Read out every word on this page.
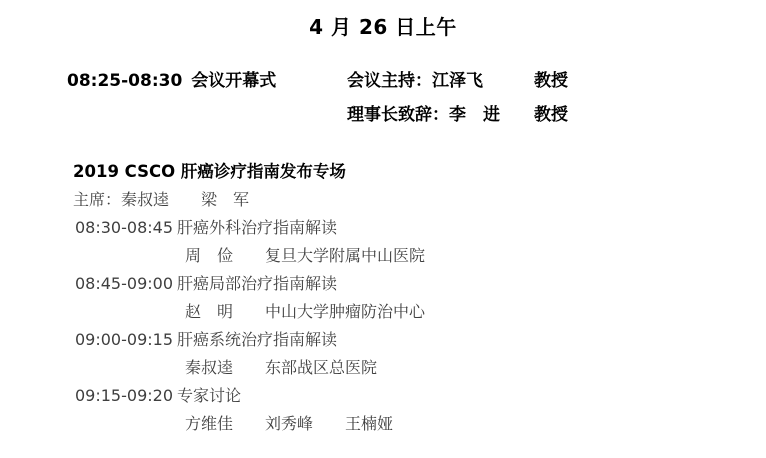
4 月 26 日上午
08:25-08:30 会议开幕式	会议主持：江泽飞　　　教授
理事长致辞：李　进　　教授
2019 CSCO 肝癌诊疗指南发布专场
主席：秦叔逵　　梁　军
08:30-08:45 肝癌外科治疗指南解读
周　俭　　复旦大学附属中山医院
08:45-09:00 肝癌局部治疗指南解读
赵　明　　中山大学肿瘤防治中心
09:00-09:15 肝癌系统治疗指南解读
秦叔逵　　东部战区总医院
09:15-09:20 专家讨论
方维佳　　刘秀峰　　王楠娅
